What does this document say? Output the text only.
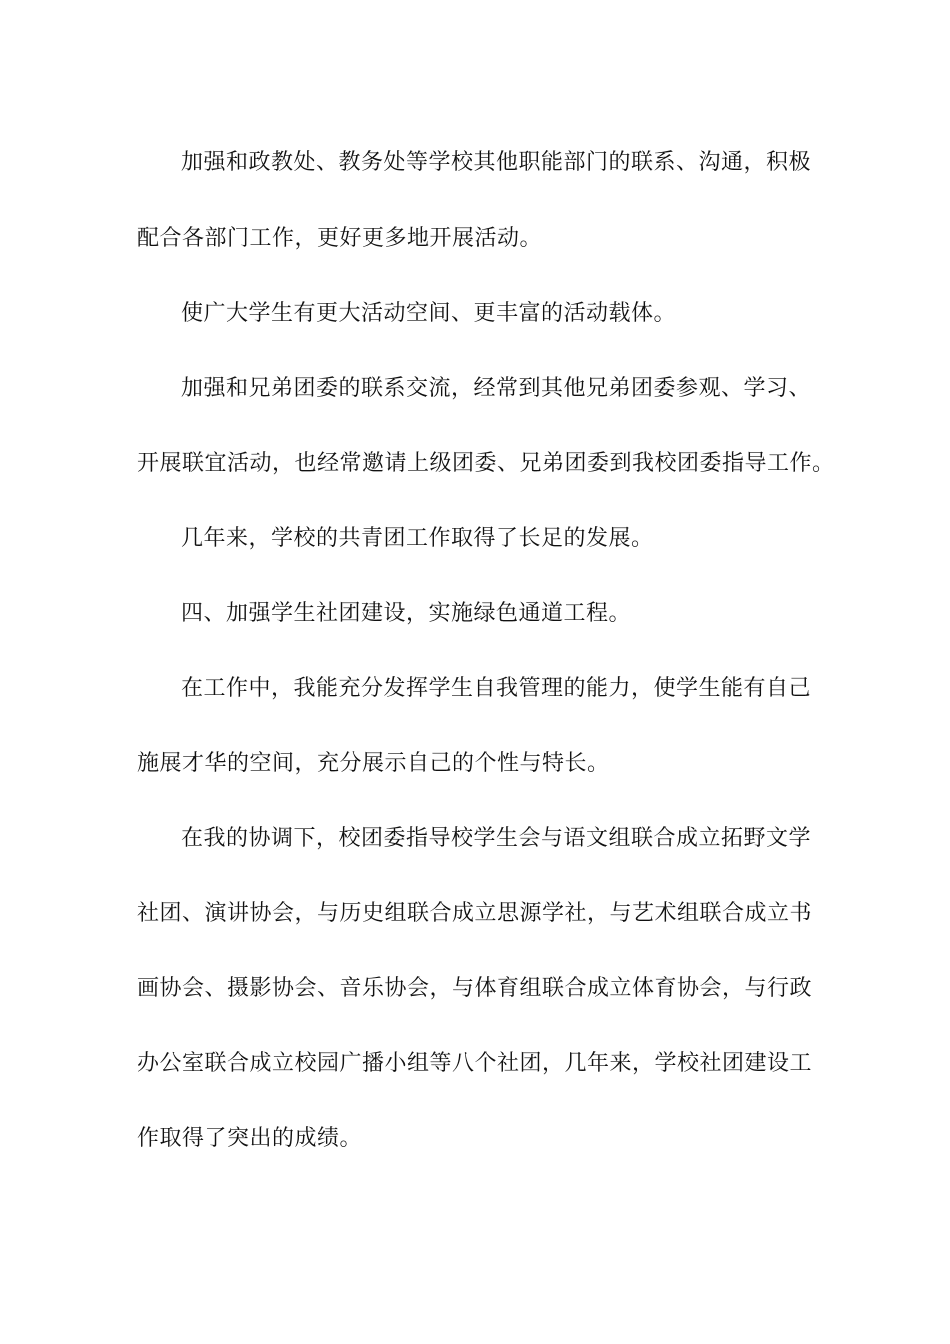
加强和政教处、教务处等学校其他职能部门的联系、沟通，积极
配合各部门工作，更好更多地开展活动。
使广大学生有更大活动空间、更丰富的活动载体。
加强和兄弟团委的联系交流，经常到其他兄弟团委参观、学习、
开展联宜活动，也经常邀请上级团委、兄弟团委到我校团委指导工作。
几年来，学校的共青团工作取得了长足的发展。
四、加强学生社团建设，实施绿色通道工程。
在工作中，我能充分发挥学生自我管理的能力，使学生能有自己
施展才华的空间，充分展示自己的个性与特长。
在我的协调下，校团委指导校学生会与语文组联合成立拓野文学
社团、演讲协会，与历史组联合成立思源学社，与艺术组联合成立书
画协会、摄影协会、音乐协会，与体育组联合成立体育协会，与行政
办公室联合成立校园广播小组等八个社团，几年来，学校社团建设工
作取得了突出的成绩。
